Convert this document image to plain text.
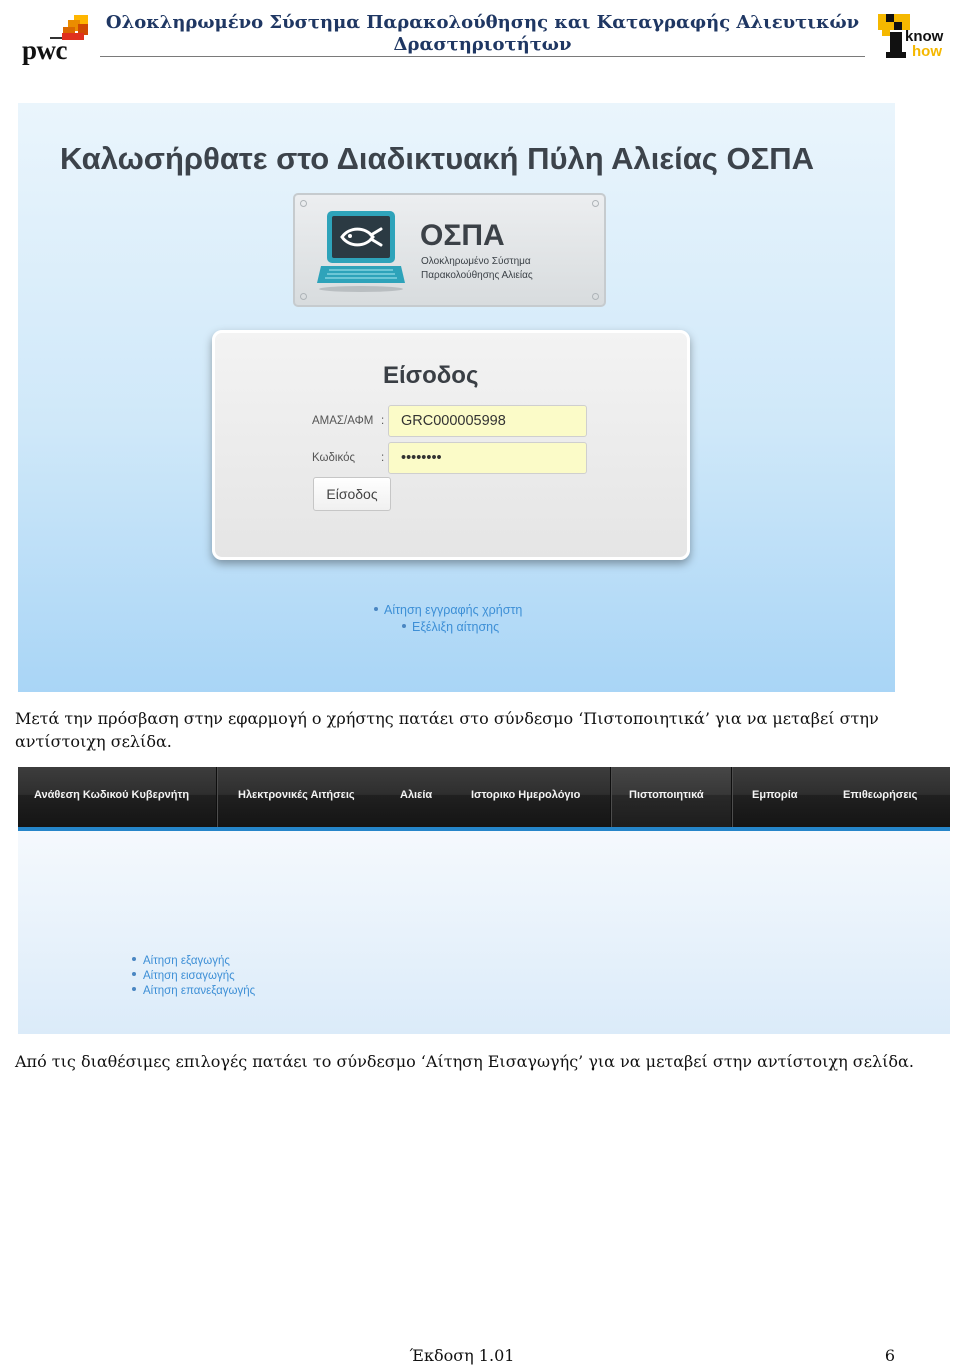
pwc
Ολοκληρωμένο Σύστημα Παρακολούθησης και Καταγραφής Αλιευτικών
Δραστηριοτήτων	know
how
Καλωσήρθατε στο Διαδικτυακή Πύλη Αλιείας ΟΣΠΑ
ΟΣΠΑ
Ολοκληρωμένο Σύστημα
Παρακολούθησης Αλιείας
Είσοδος
ΑΜΑΣ/ΑΦΜ :
GRC000005998
Κωδικός :
••••••••
Είσοδος
Αίτηση εγγραφής χρήστη
Εξέλιξη αίτησης

Μετά την πρόσβαση στην εφαρμογή ο χρήστης πατάει στο σύνδεσμο ‘Πιστοποιητικά’ για να μεταβεί στην αντίστοιχη σελίδα.

Ανάθεση Κωδικού Κυβερνήτη	Ηλεκτρονικές Αιτήσεις	Αλιεία	Ιστορικο Ημερολόγιο	Πιστοποιητικά	Εμπορία	Επιθεωρήσεις
Αίτηση εξαγωγής
Αίτηση εισαγωγής
Αίτηση επανεξαγωγής

Από τις διαθέσιμες επιλογές πατάει το σύνδεσμο ‘Αίτηση Εισαγωγής’ για να μεταβεί στην αντίστοιχη σελίδα.

Έκδοση 1.01	6
